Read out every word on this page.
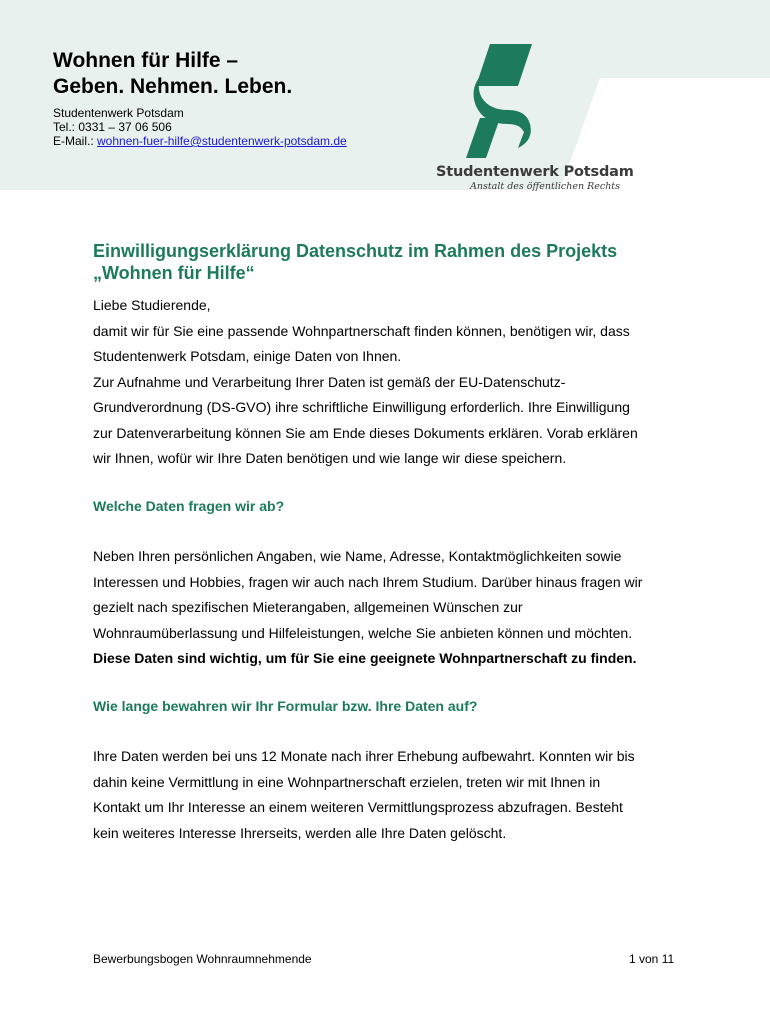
Wohnen für Hilfe –
Geben. Nehmen. Leben.
Studentenwerk Potsdam
Tel.: 0331 – 37 06 506
E-Mail.: wohnen-fuer-hilfe@studentenwerk-potsdam.de
Studentenwerk Potsdam
Anstalt des öffentlichen Rechts
Einwilligungserklärung Datenschutz im Rahmen des Projekts „Wohnen für Hilfe“

Liebe Studierende,

damit wir für Sie eine passende Wohnpartnerschaft finden können, benötigen wir, dass Studentenwerk Potsdam, einige Daten von Ihnen.

Zur Aufnahme und Verarbeitung Ihrer Daten ist gemäß der EU-Datenschutz-Grundverordnung (DS-GVO) ihre schriftliche Einwilligung erforderlich. Ihre Einwilligung zur Datenverarbeitung können Sie am Ende dieses Dokuments erklären. Vorab erklären wir Ihnen, wofür wir Ihre Daten benötigen und wie lange wir diese speichern.

Welche Daten fragen wir ab?

Neben Ihren persönlichen Angaben, wie Name, Adresse, Kontaktmöglichkeiten sowie Interessen und Hobbies, fragen wir auch nach Ihrem Studium. Darüber hinaus fragen wir gezielt nach spezifischen Mieterangaben, allgemeinen Wünschen zur Wohnraumüberlassung und Hilfeleistungen, welche Sie anbieten können und möchten. Diese Daten sind wichtig, um für Sie eine geeignete Wohnpartnerschaft zu finden.

Wie lange bewahren wir Ihr Formular bzw. Ihre Daten auf?

Ihre Daten werden bei uns 12 Monate nach ihrer Erhebung aufbewahrt. Konnten wir bis dahin keine Vermittlung in eine Wohnpartnerschaft erzielen, treten wir mit Ihnen in Kontakt um Ihr Interesse an einem weiteren Vermittlungsprozess abzufragen. Besteht kein weiteres Interesse Ihrerseits, werden alle Ihre Daten gelöscht.

Bewerbungsbogen Wohnraumnehmende	1 von 11
